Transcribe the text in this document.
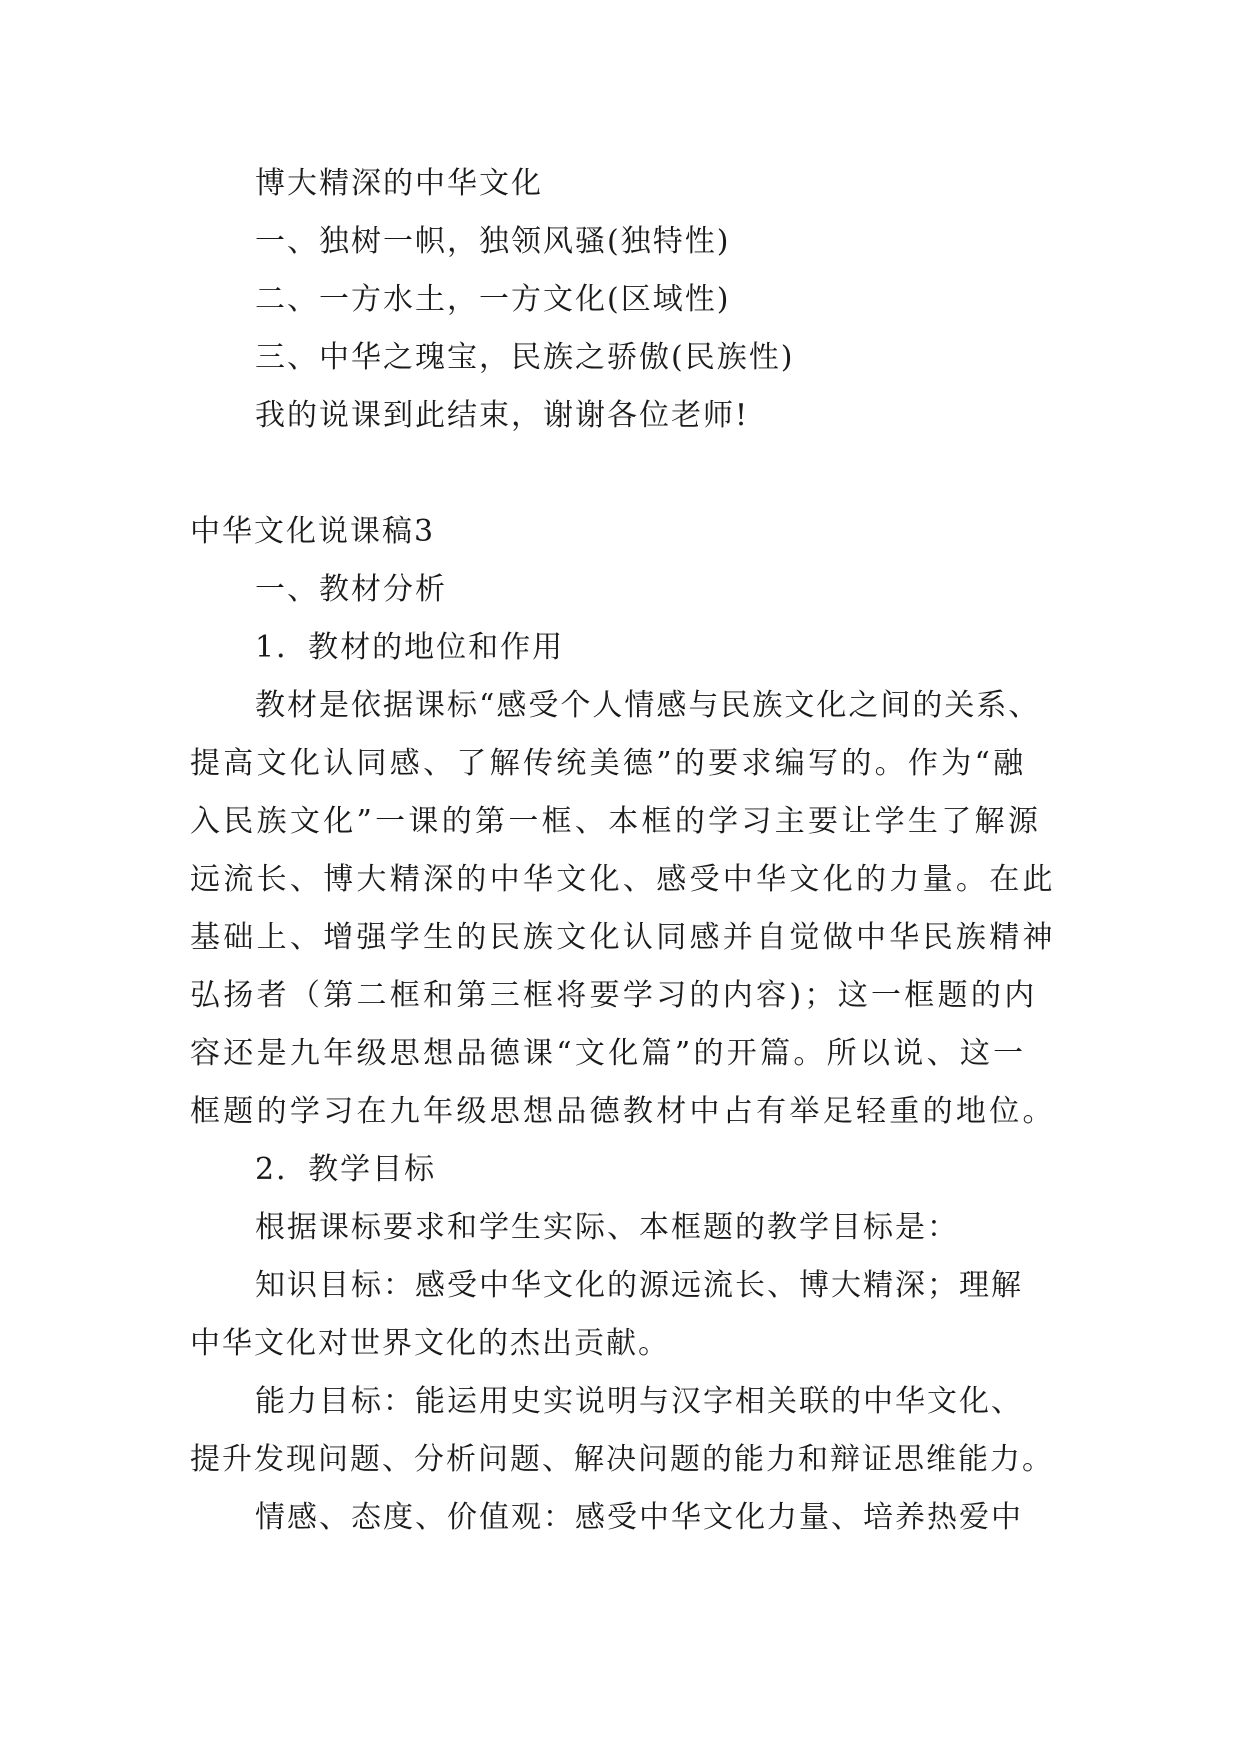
博大精深的中华文化
一、独树一帜，独领风骚(独特性)
二、一方水土，一方文化(区域性)
三、中华之瑰宝，民族之骄傲(民族性)
我的说课到此结束，谢谢各位老师!
中华文化说课稿3
一、教材分析
1．教材的地位和作用
教材是依据课标“感受个人情感与民族文化之间的关系、
提高文化认同感、了解传统美德”的要求编写的。作为“融
入民族文化”一课的第一框、本框的学习主要让学生了解源
远流长、博大精深的中华文化、感受中华文化的力量。在此
基础上、增强学生的民族文化认同感并自觉做中华民族精神
弘扬者（第二框和第三框将要学习的内容)；这一框题的内
容还是九年级思想品德课“文化篇”的开篇。所以说、这一
框题的学习在九年级思想品德教材中占有举足轻重的地位。
2．教学目标
根据课标要求和学生实际、本框题的教学目标是：
知识目标：感受中华文化的源远流长、博大精深；理解
中华文化对世界文化的杰出贡献。
能力目标：能运用史实说明与汉字相关联的中华文化、
提升发现问题、分析问题、解决问题的能力和辩证思维能力。
情感、态度、价值观：感受中华文化力量、培养热爱中
